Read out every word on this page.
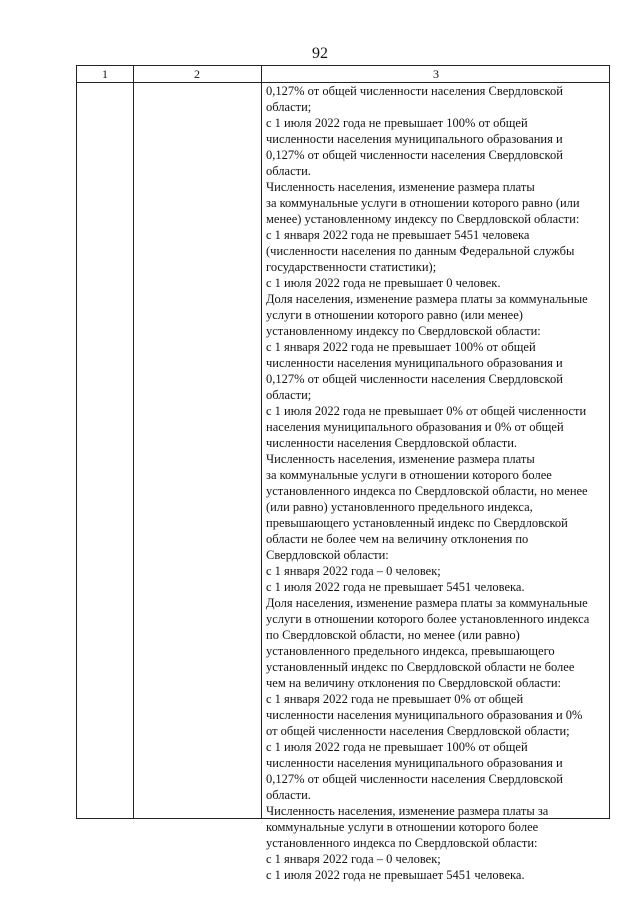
92
1	2	3
0,127% от общей численности населения Свердловской
области;
с 1 июля 2022 года не превышает 100% от общей
численности населения муниципального образования и
0,127% от общей численности населения Свердловской
области.
Численность населения, изменение размера платы
за коммунальные услуги в отношении которого равно (или
менее) установленному индексу по Свердловской области:
с 1 января 2022 года не превышает 5451 человека
(численности населения по данным Федеральной службы
государственности статистики);
с 1 июля 2022 года не превышает 0 человек.
Доля населения, изменение размера платы за коммунальные
услуги в отношении которого равно (или менее)
установленному индексу по Свердловской области:
с 1 января 2022 года не превышает 100% от общей
численности населения муниципального образования и
0,127% от общей численности населения Свердловской
области;
с 1 июля 2022 года не превышает 0% от общей численности
населения муниципального образования и 0% от общей
численности населения Свердловской области.
Численность населения, изменение размера платы
за коммунальные услуги в отношении которого более
установленного индекса по Свердловской области, но менее
(или равно) установленного предельного индекса,
превышающего установленный индекс по Свердловской
области не более чем на величину отклонения по
Свердловской области:
с 1 января 2022 года – 0 человек;
с 1 июля 2022 года не превышает 5451 человека.
Доля населения, изменение размера платы за коммунальные
услуги в отношении которого более установленного индекса
по Свердловской области, но менее (или равно)
установленного предельного индекса, превышающего
установленный индекс по Свердловской области не более
чем на величину отклонения по Свердловской области:
с 1 января 2022 года не превышает 0% от общей
численности населения муниципального образования и 0%
от общей численности населения Свердловской области;
с 1 июля 2022 года не превышает 100% от общей
численности населения муниципального образования и
0,127% от общей численности населения Свердловской
области.
Численность населения, изменение размера платы за
коммунальные услуги в отношении которого более
установленного индекса по Свердловской области:
с 1 января 2022 года – 0 человек;
с 1 июля 2022 года не превышает 5451 человека.
